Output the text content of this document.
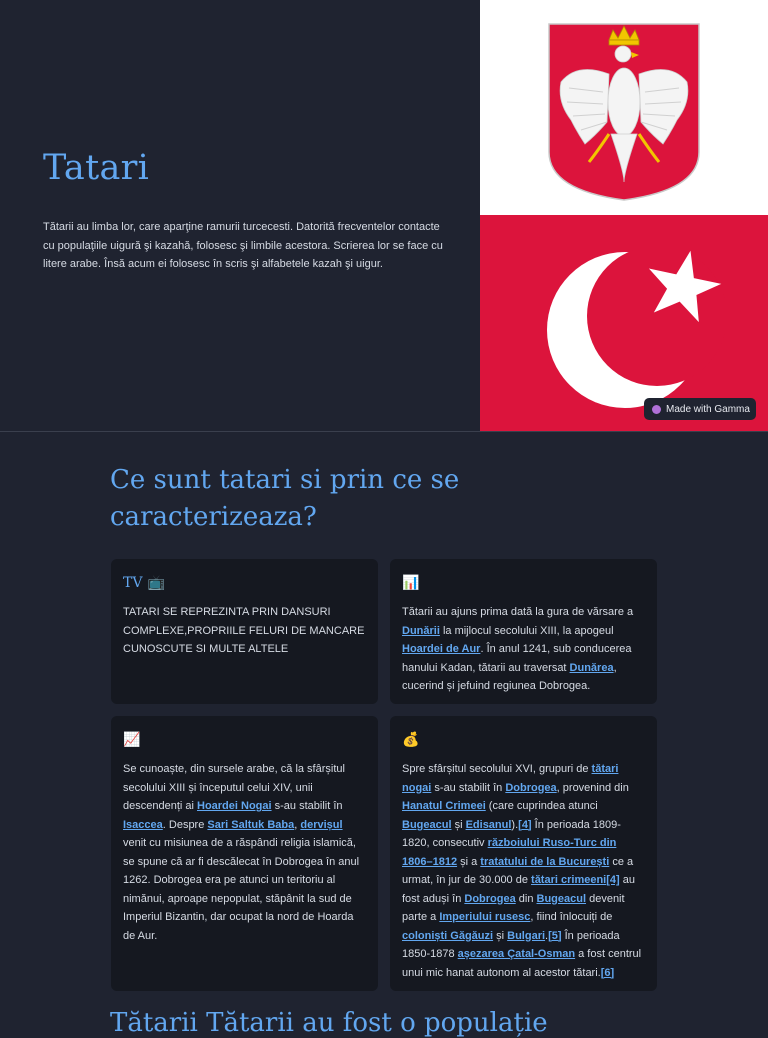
Tatari

Tătarii au limba lor, care aparţine ramurii turcecesti. Datorită frecventelor contacte cu populaţiile uigură şi kazahă, folosesc şi limbile acestora. Scrierea lor se face cu litere arabe. Însă acum ei folosesc în scris şi alfabetele kazah şi uigur.

Made with Gamma
Ce sunt tatari si prin ce se caracterizeaza?
TV 📺
TATARI SE REPREZINTA PRIN DANSURI COMPLEXE,PROPRIILE FELURI DE MANCARE CUNOSCUTE SI MULTE ALTELE
📊
Tătarii au ajuns prima dată la gura de vărsare a Dunării la mijlocul secolului XIII, la apogeul Hoardei de Aur. În anul 1241, sub conducerea hanului Kadan, tătarii au traversat Dunărea, cucerind și jefuind regiunea Dobrogea.
📈
Se cunoaște, din sursele arabe, că la sfârșitul secolului XIII și începutul celui XIV, unii descendenți ai Hoardei Nogai s-au stabilit în Isaccea. Despre Sari Saltuk Baba, dervișul venit cu misiunea de a răspândi religia islamică, se spune că ar fi descălecat în Dobrogea în anul 1262. Dobrogea era pe atunci un teritoriu al nimănui, aproape nepopulat, stăpânit la sud de Imperiul Bizantin, dar ocupat la nord de Hoarda de Aur.
💰
Spre sfârșitul secolului XVI, grupuri de tătari nogai s-au stabilit în Dobrogea, provenind din Hanatul Crimeei (care cuprindea atunci Bugeacul și Edisanul).[4] În perioada 1809-1820, consecutiv războiului Ruso-Turc din 1806–1812 și a tratatului de la București ce a urmat, în jur de 30.000 de tătari crimeeni[4] au fost aduși în Dobrogea din Bugeacul devenit parte a Imperiului rusesc, fiind înlocuiți de coloniști Găgăuzi și Bulgari.[5] În perioada 1850-1878 așezarea Çatal-Osman a fost centrul unui mic hanat autonom al acestor tătari.[6]
Tătarii Tătarii au fost o populație
